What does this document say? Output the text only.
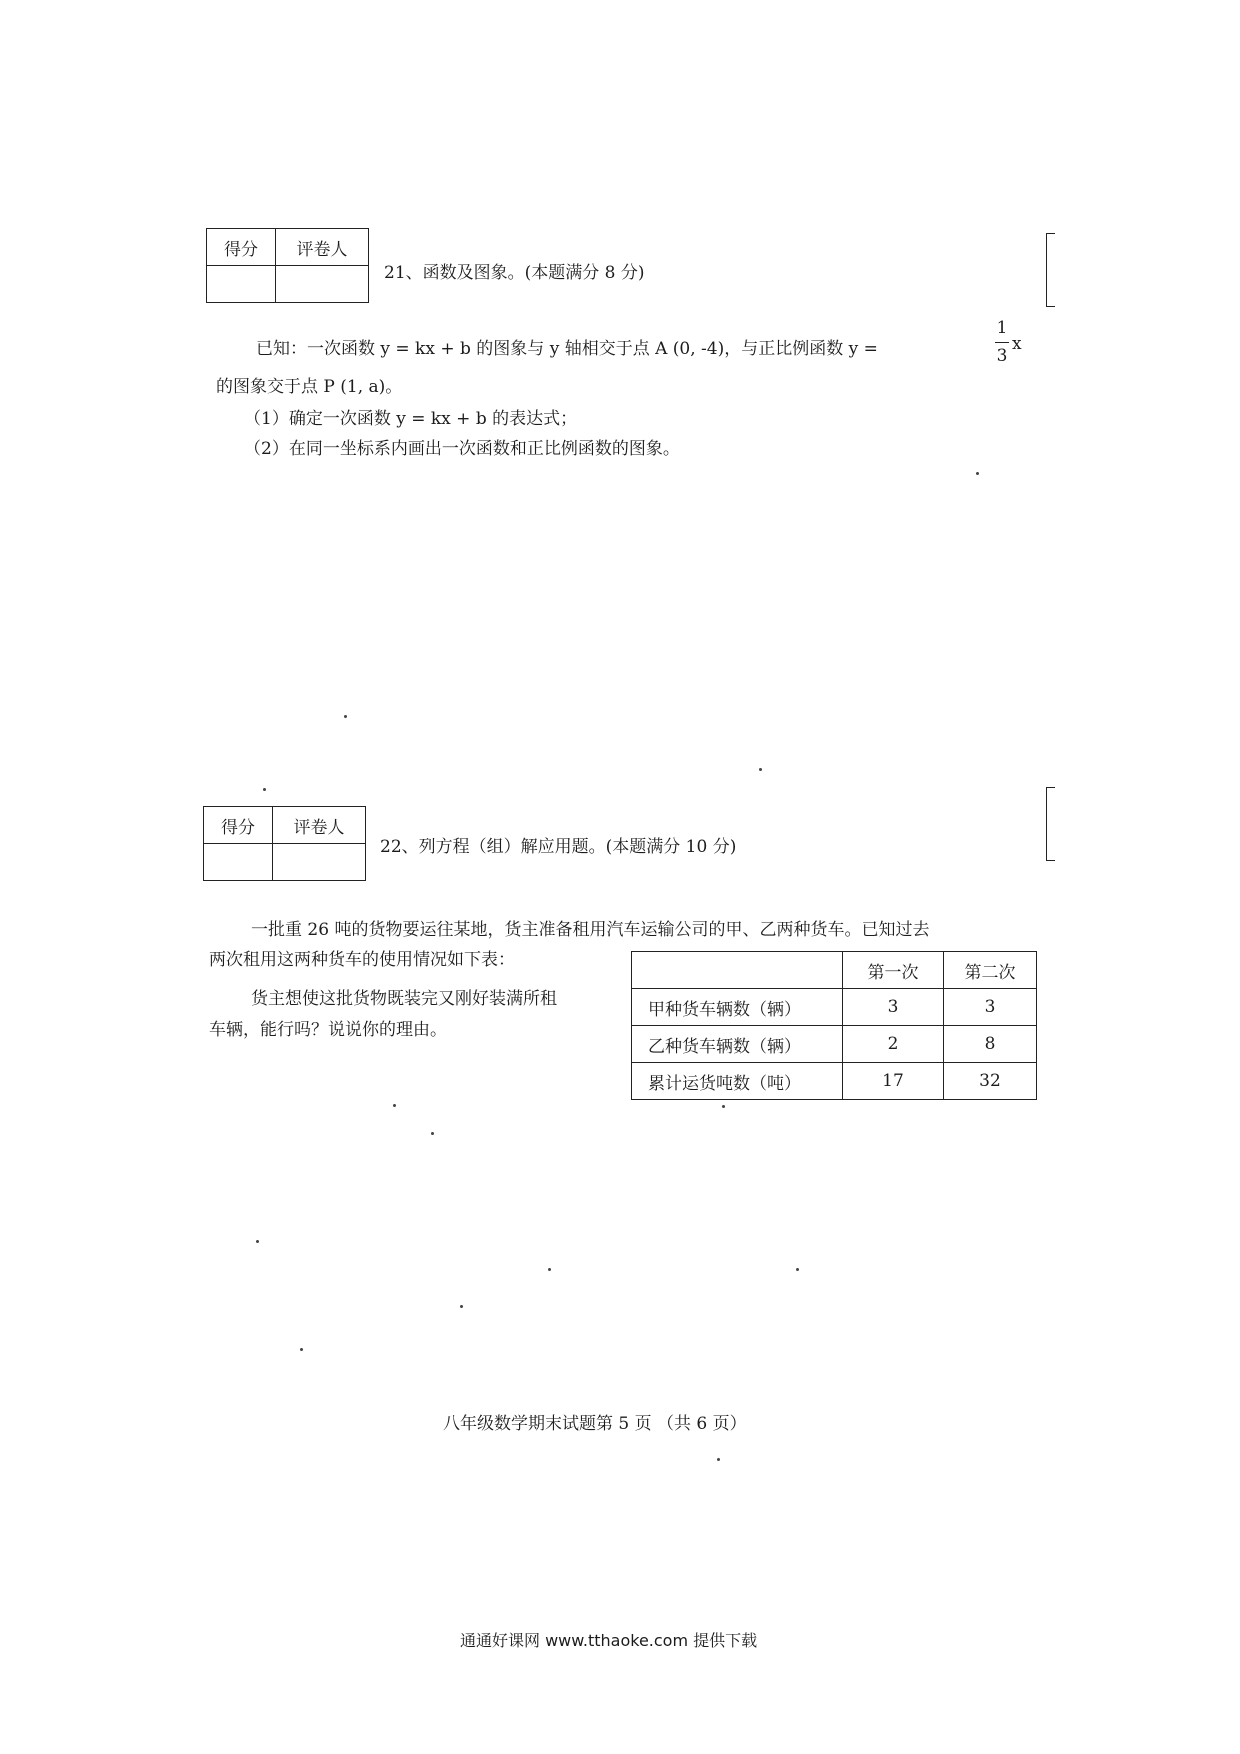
得分	评卷人

21、函数及图象。(本题满分 8 分)
已知：一次函数 y = kx + b 的图象与 y 轴相交于点 A (0, -4)，与正比例函数 y =
1
3
x
的图象交于点 P (1, a)。
（1）确定一次函数 y = kx + b 的表达式；
（2）在同一坐标系内画出一次函数和正比例函数的图象。
得分	评卷人

22、列方程（组）解应用题。(本题满分 10 分)
一批重 26 吨的货物要运往某地，货主准备租用汽车运输公司的甲、乙两种货车。已知过去
两次租用这两种货车的使用情况如下表：
货主想使这批货物既装完又刚好装满所租
车辆，能行吗？说说你的理由。
	第一次	第二次
甲种货车辆数（辆）	3	3
乙种货车辆数（辆）	2	8
累计运货吨数（吨）	17	32
八年级数学期末试题第 5 页 （共 6 页）
通通好课网 www.tthaoke.com 提供下载
